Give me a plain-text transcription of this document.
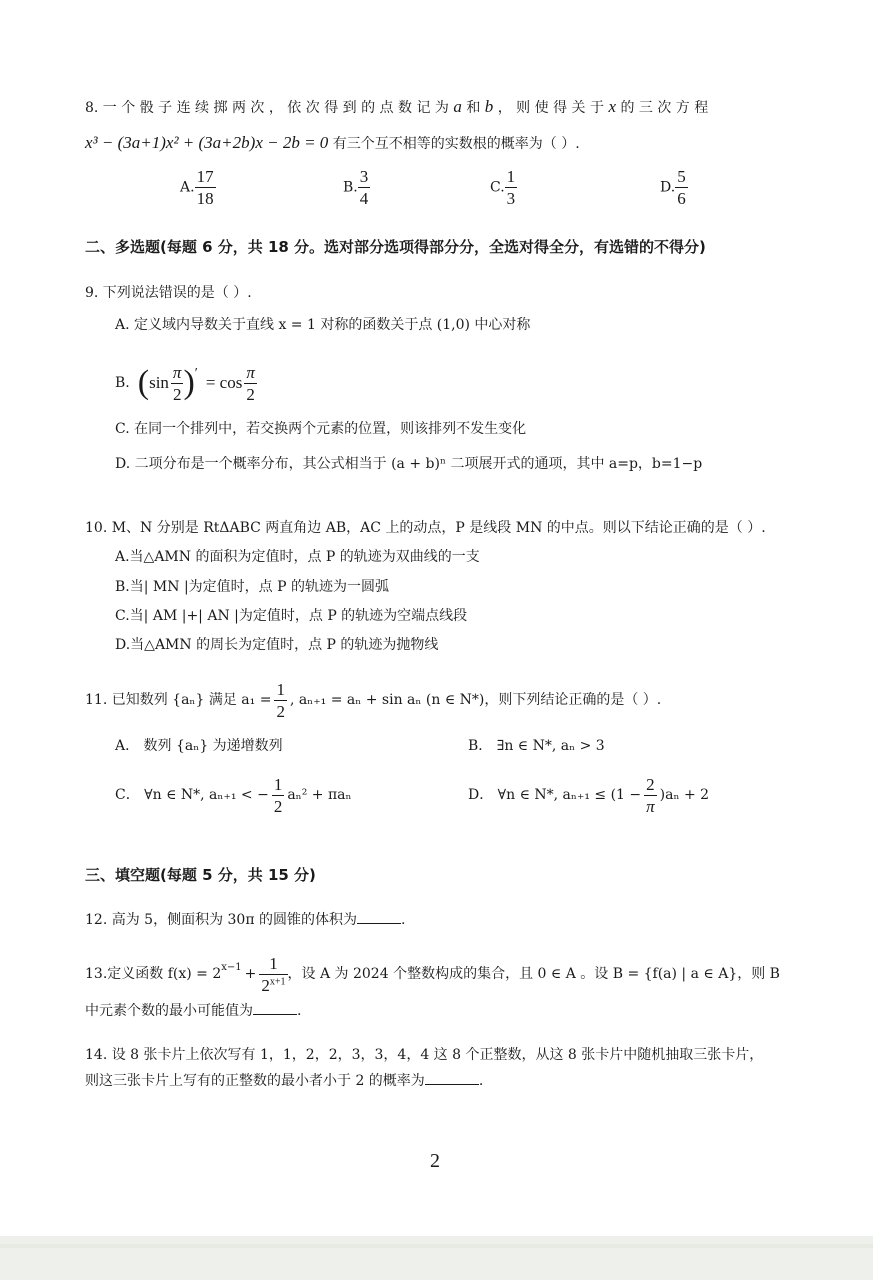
8. 一 个 骰 子 连 续 掷 两 次 ， 依 次 得 到 的 点 数 记 为 a 和 b ， 则 使 得 关 于 x 的 三 次 方 程
x³ − (3a+1)x² + (3a+2b)x − 2b = 0 有三个互不相等的实数根的概率为（ ）.
A. $\frac{17}{18}$	B. $\frac{3}{4}$	C. $\frac{1}{3}$	D. $\frac{5}{6}$
二、多选题(每题 6 分，共 18 分。选对部分选项得部分分，全选对得全分，有选错的不得分)
9. 下列说法错误的是（ ）.
A. 定义域内导数关于直线 x = 1 对称的函数关于点 (1,0) 中心对称
B. ( $\sin \frac{\pi}{2}$ ) ′ = $\cos \frac{\pi}{2}$
C. 在同一个排列中，若交换两个元素的位置，则该排列不发生变化
D. 二项分布是一个概率分布，其公式相当于 (a + b)ⁿ 二项展开式的通项，其中 a=p，b=1−p
10. M、N 分别是 RtΔABC 两直角边 AB，AC 上的动点，P 是线段 MN 的中点。则以下结论正确的是（ ）.
A.当△AMN 的面积为定值时，点 P 的轨迹为双曲线的一支
B.当| MN |为定值时，点 P 的轨迹为一圆弧
C.当| AM |+| AN |为定值时，点 P 的轨迹为空端点线段
D.当△AMN 的周长为定值时，点 P 的轨迹为抛物线
11. 已知数列 {aₙ} 满足 $a_1 = \frac{1}{2}$ , aₙ₊₁ = aₙ + sin aₙ (n ∈ N*)，则下列结论正确的是（ ）.
A． 数列 {aₙ} 为递增数列	B． ∃n ∈ N*, aₙ > 3
C． ∀n ∈ N*, aₙ₊₁ < − $\frac{1}{2} a_n^2 + \pi a_n$	D． ∀n ∈ N*, $a_{n+1} \le (1 - \frac{2}{\pi} )a_n + 2$
三、填空题(每题 5 分，共 15 分)
12. 高为 5，侧面积为 30π 的圆锥的体积为	.
13.定义函数 $f(x) = 2^{x-1} + \frac{1}{2^{x+1}}$ ，设 A 为 2024 个整数构成的集合，且 0 ∈ A 。设 B = {f(a) | a ∈ A}，则 B
中元素个数的最小可能值为	.
14. 设 8 张卡片上依次写有 1，1，2，2，3，3，4，4 这 8 个正整数，从这 8 张卡片中随机抽取三张卡片，
则这三张卡片上写有的正整数的最小者小于 2 的概率为	.
2
